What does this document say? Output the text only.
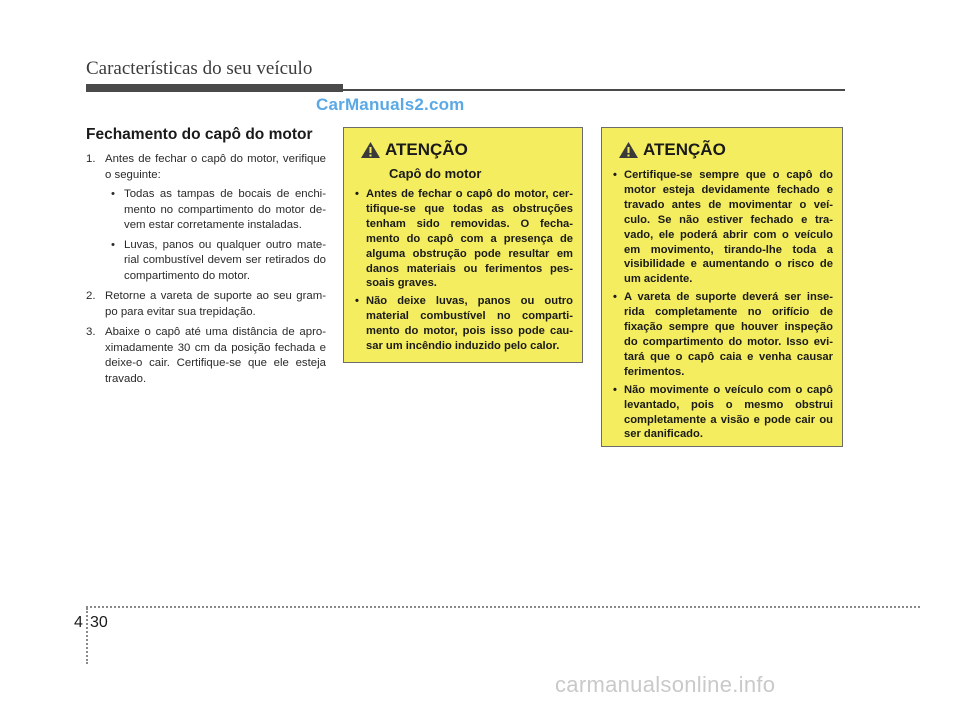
Características do seu veículo
CarManuals2.com
Fechamento do capô do motor
1. Antes de fechar o capô do motor, verifique o seguinte:
• Todas as tampas de bocais de enchi-mento no compartimento do motor de-vem estar corretamente instaladas.
• Luvas, panos ou qualquer outro mate-rial combustível devem ser retirados do compartimento do motor.
2. Retorne a vareta de suporte ao seu gram-po para evitar sua trepidação.
3. Abaixe o capô até uma distância de apro-ximadamente 30 cm da posição fechada e deixe-o cair. Certifique-se que ele esteja travado.
ATENÇÃO
Capô do motor
• Antes de fechar o capô do motor, cer-tifique-se que todas as obstruções tenham sido removidas. O fecha-mento do capô com a presença de alguma obstrução pode resultar em danos materiais ou ferimentos pes-soais graves.
• Não deixe luvas, panos ou outro material combustível no comparti-mento do motor, pois isso pode cau-sar um incêndio induzido pelo calor.
ATENÇÃO
• Certifique-se sempre que o capô do motor esteja devidamente fechado e travado antes de movimentar o veí-culo. Se não estiver fechado e tra-vado, ele poderá abrir com o veículo em movimento, tirando-lhe toda a visibilidade e aumentando o risco de um acidente.
• A vareta de suporte deverá ser inse-rida completamente no orifício de fixação sempre que houver inspeção do compartimento do motor. Isso evi-tará que o capô caia e venha causar ferimentos.
• Não movimente o veículo com o capô levantado, pois o mesmo obstrui completamente a visão e pode cair ou ser danificado.
4 30
carmanualsonline.info
